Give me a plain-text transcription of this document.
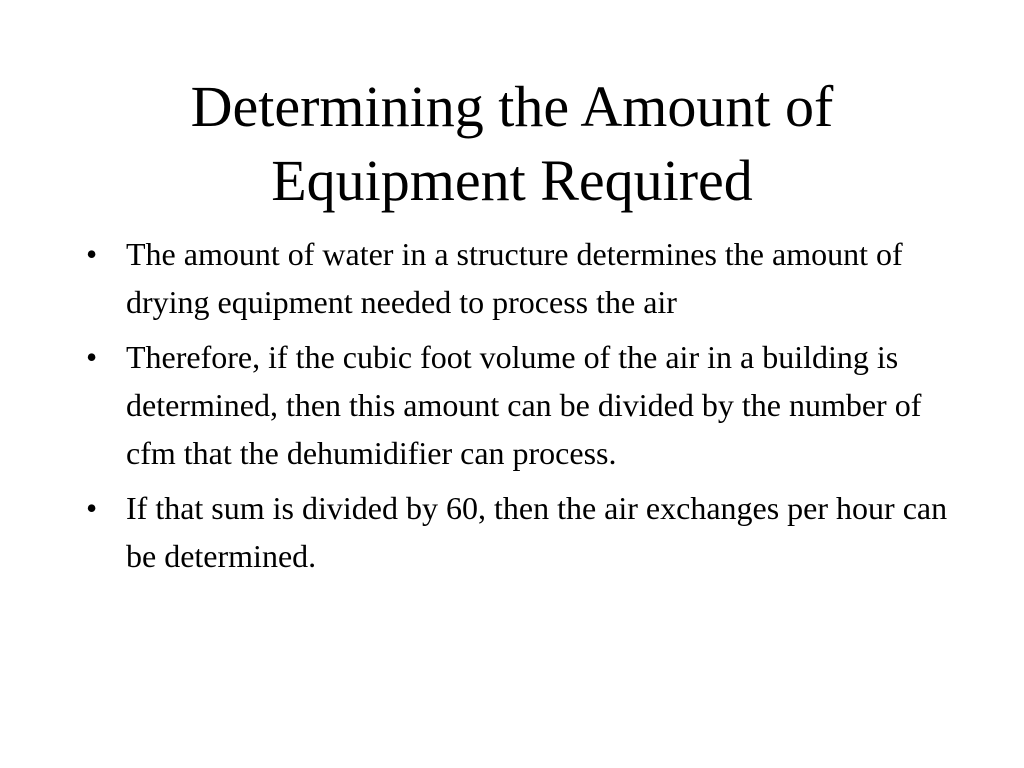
Determining the Amount of
Equipment Required
• The amount of water in a structure determines the amount of drying equipment needed to process the air
• Therefore, if the cubic foot volume of the air in a building is determined, then this amount can be divided by the number of cfm that the dehumidifier can process.
• If that sum is divided by 60, then the air exchanges per hour can be determined.
